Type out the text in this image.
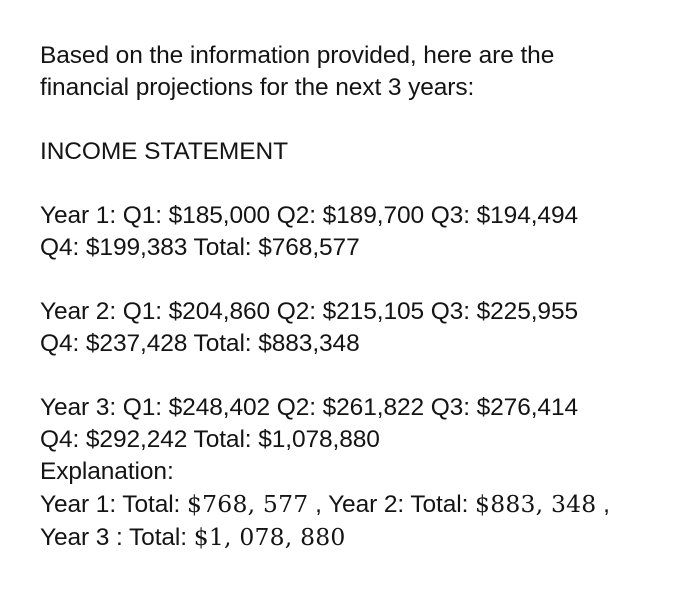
Based on the information provided, here are the
financial projections for the next 3 years:
INCOME STATEMENT
Year 1: Q1: $185,000 Q2: $189,700 Q3: $194,494
Q4: $199,383 Total: $768,577
Year 2: Q1: $204,860 Q2: $215,105 Q3: $225,955
Q4: $237,428 Total: $883,348
Year 3: Q1: $248,402 Q2: $261,822 Q3: $276,414
Q4: $292,242 Total: $1,078,880
Explanation:
Year 1: Total: $768, 577 , Year 2: Total: $883, 348 ,
Year 3 : Total: $1, 078, 880
